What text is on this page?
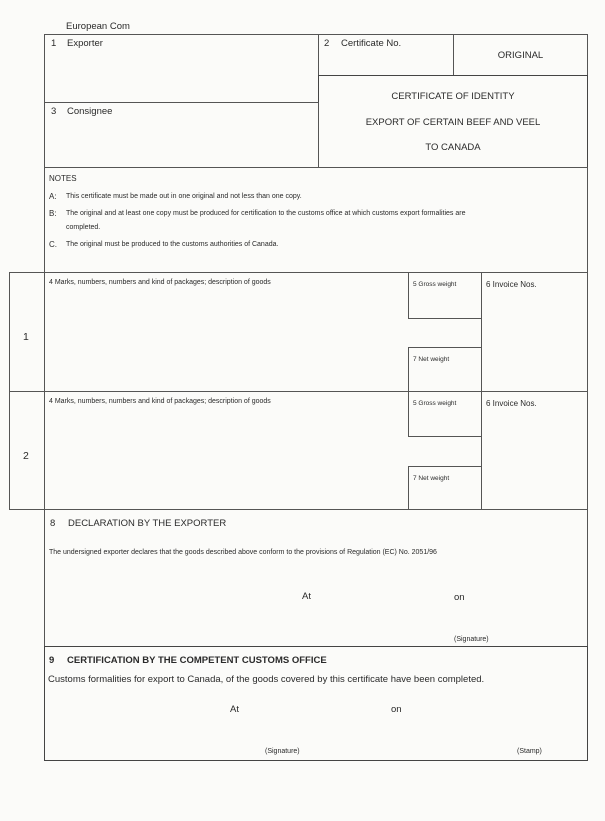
European Com
1 Exporter	2 Certificate No.
ORIGINAL
CERTIFICATE OF IDENTITY
EXPORT OF CERTAIN BEEF AND VEEL
TO CANADA
3 Consignee
NOTES
A: This certificate must be made out in one original and not less than one copy.
B: The original and at least one copy must be produced for certification to the customs office at which customs export formalities are
completed.
C. The original must be produced to the customs authorities of Canada.
1
4 Marks, numbers, numbers and kind of packages; description of goods	5 Gross weight
7 Net weight
6 Invoice Nos.
2
4 Marks, numbers, numbers and kind of packages; description of goods	5 Gross weight
7 Net weight
6 Invoice Nos.
8 DECLARATION BY THE EXPORTER
The undersigned exporter declares that the goods described above conform to the provisions of Regulation (EC) No. 2051/96
At	on
(Signature)
9 CERTIFICATION BY THE COMPETENT CUSTOMS OFFICE
Customs formalities for export to Canada, of the goods covered by this certificate have been completed.
At	on
(Signature)	(Stamp)
